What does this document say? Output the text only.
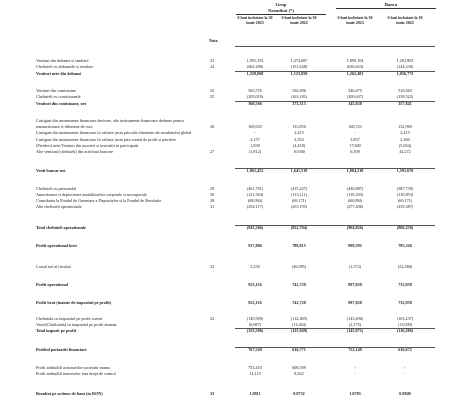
Grup
Neauditat (*)
Banca
6 luni încheiate la 30 iunie 2023
6 luni încheiate la 30 iunie 2022
6 luni încheiate la 30 iunie 2023
6 luni încheiate la 30 iunie 2022
Nota
Venituri din dobanzi si similare	23	1,991,354	1,274,687	1,899,104	1,201,803
Cheltuieli cu dobanzile si similare	24	(662,286)	(151,628)	(636,623)	(144,230)
Venituri nete din dobanzi	1,329,068	1,123,059	1,262,481	1,056,773
Venituri din comisioane	25	565,576	536,496	546,475	516,363
Cheltuieli cu comisioanele	25	(205,010)	(163,181)	(200,647)	(158,522)
Venituri din comisioane, net	360,566	373,315	345,828	357,841
Castiguri din instrumente financiare derivate, alte instrumente financiare detinute pentru
tranzactionare si diferente de curs	26	169,635	133,856	168,723	132,969
Castiguri din instrumente financiare la valoare justa prin alte elemente ale rezultatului global	-	2,415	-	2,415
Castiguri din instrumente financiare la valoare justa prin contul de profit si pierdere	4,157	2,352	3,837	2,360
(Pierderi) nete/Venituri din asocieri si investitii in participatii	1,838	(4,418)	17,840	(5,654)
Alte venituri/(cheltuieli) din activitati bancare	27	(1,812)	10,940	6,309	44,272
Venit bancar net	1,861,452	1,641,519	1,804,218	1,591,676
Cheltuieli cu personalul	29	(461,791)	(415,227)	(440,887)	(387,739)
Amortizarea si deprecierea imobilizarilor corporale si necorporale	30	(121,564)	(113,111)	(119,239)	(110,853)
Contributia la Fondul de Garantare a Depozitelor si la Fondul de Rezolutie	28	(68,094)	(69,171)	(68,094)	(69,171)
Alte cheltuieli operationale	31	(292,117)	(255,195)	(277,406)	(239,387)
Total cheltuieli operationale	(943,566)	(852,704)	(904,826)	(806,350)
Profit operational brut	917,886	788,815	899,392	785,326
Costul net al riscului	32	5,230	(46,095)	(1,572)	(52,368)
Profit operational	923,116	742,720	897,820	732,958
Profit brut (inainte de impozitul pe profit)	923,116	742,720	897,820	732,958
Cheltuiala cu impozitul pe profit curent	22	(149,509)	(112,485)	(143,496)	(103,237)
Venit/(Cheltuiala) cu impozitul pe profit amanat	(6,087)	(13,464)	(2,175)	(13,049)
Total impozit pe profit	(155,596)	(125,949)	(145,671)	(116,286)
Profitul perioadei financiare	767,520	616,771	752,149	616,672
Profit atribuibil actionarilor societatii mama	753,410	608,509	-	-
Profit atribuibil intereselor fara drept de control	14,110	8,262	-	-
Rezultat pe actiune de baza (in RON)	33	1.0811	0.8732	1.0793	0.8849
